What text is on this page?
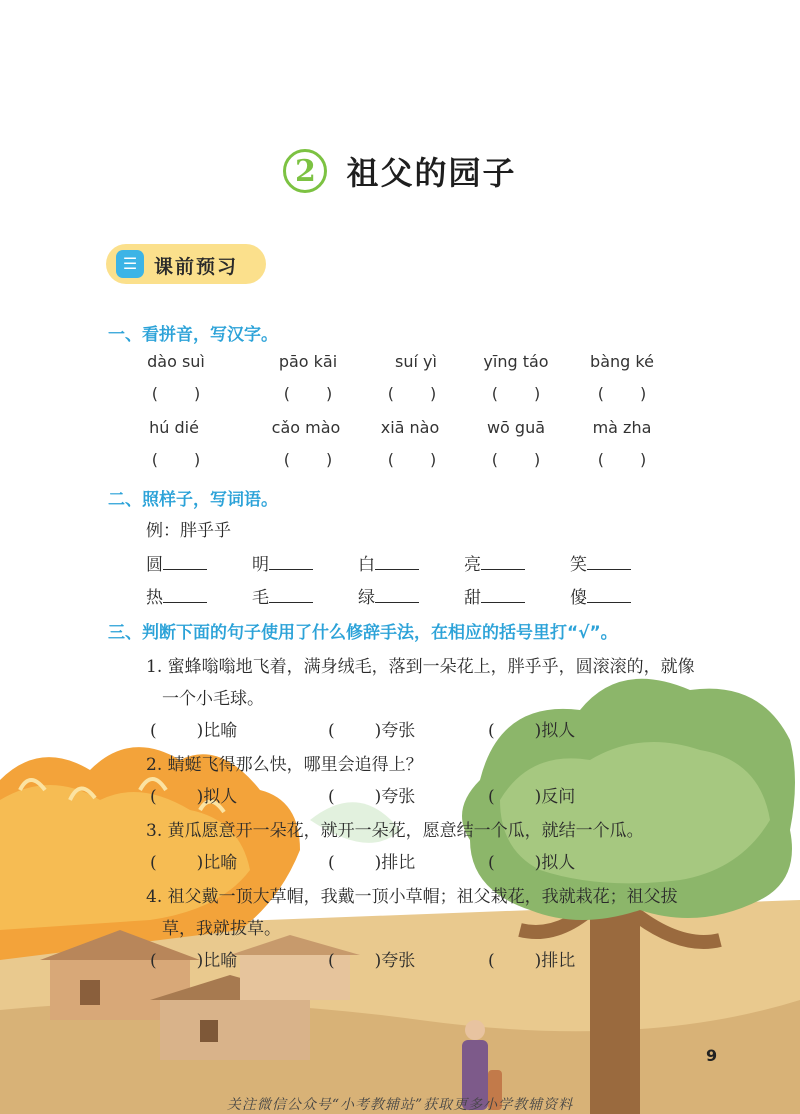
2 祖父的园子
☰ 课前预习
一、看拼音，写汉字。
dào suì	pāo kāi	suí yì	yīng táo	bàng ké
( )	( )	( )	( )	( )
hú dié	cǎo mào	xiā nào	wō guā	mà zha
( )	( )	( )	( )	( )
二、照样子，写词语。
例：胖乎乎
圆	明	白	亮	笑
热	毛	绿	甜	傻
三、判断下面的句子使用了什么修辞手法，在相应的括号里打“√”。
1. 蜜蜂嗡嗡地飞着，满身绒毛，落到一朵花上，胖乎乎，圆滚滚的，就像
一个小毛球。
( )比喻	( )夸张	( )拟人
2. 蜻蜓飞得那么快，哪里会追得上？
( )拟人	( )夸张	( )反问
3. 黄瓜愿意开一朵花，就开一朵花，愿意结一个瓜，就结一个瓜。
( )比喻	( )排比	( )拟人
4. 祖父戴一顶大草帽，我戴一顶小草帽；祖父栽花，我就栽花；祖父拔
草，我就拔草。
( )比喻	( )夸张	( )排比
9
关注微信公众号“小考教辅站”获取更多小学教辅资料
